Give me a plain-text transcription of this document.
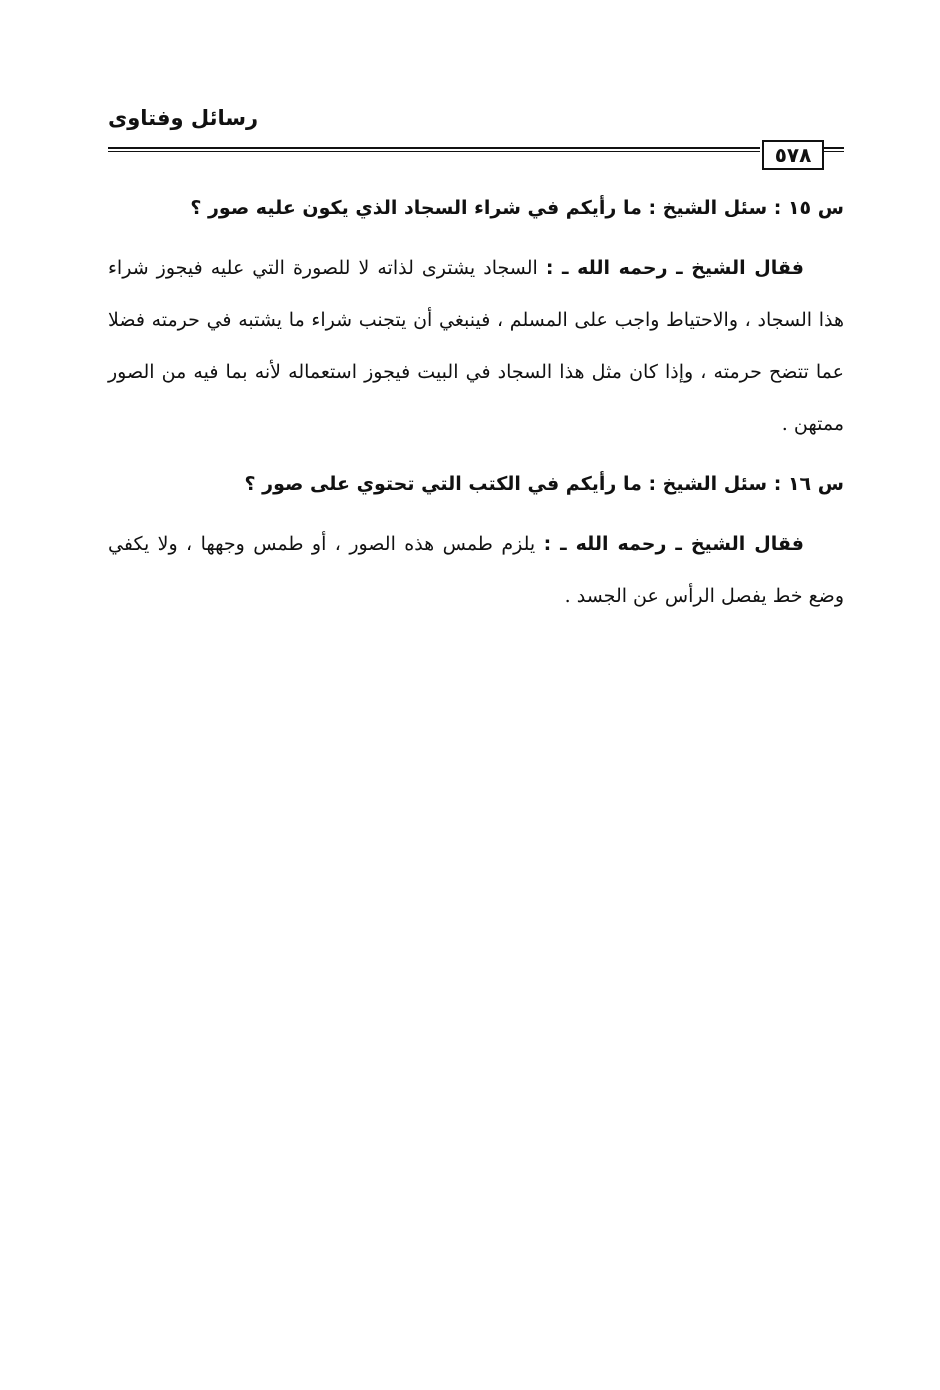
رسائل وفتاوى
٥٧٨

س ١٥ : سئل الشيخ : ما رأيكم في شراء السجاد الذي يكون عليه صور ؟

فقال الشيخ ـ رحمه الله ـ : السجاد يشترى لذاته لا للصورة التي عليه فيجوز شراء هذا السجاد ، والاحتياط واجب على المسلم ، فينبغي أن يتجنب شراء ما يشتبه في حرمته فضلا عما تتضح حرمته ، وإذا كان مثل هذا السجاد في البيت فيجوز استعماله لأنه بما فيه من الصور ممتهن .

س ١٦ : سئل الشيخ : ما رأيكم في الكتب التي تحتوي على صور ؟

فقال الشيخ ـ رحمه الله ـ : يلزم طمس هذه الصور ، أو طمس وجهها ، ولا يكفي وضع خط يفصل الرأس عن الجسد .
